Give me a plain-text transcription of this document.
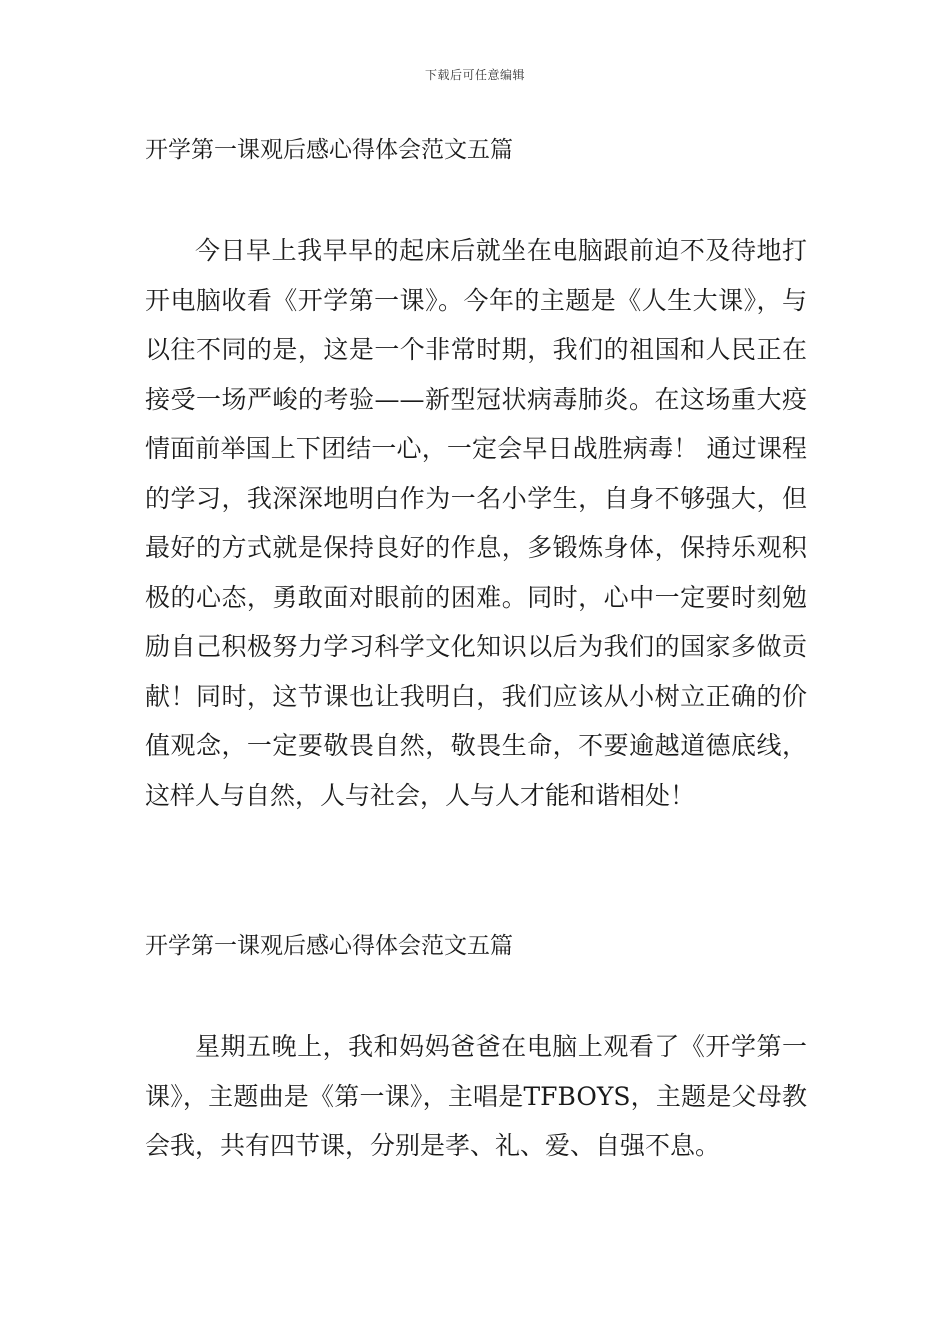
下载后可任意编辑
开学第一课观后感心得体会范文五篇
今日早上我早早的起床后就坐在电脑跟前迫不及待地打开电脑收看《开学第一课》。今年的主题是《人生大课》，与以往不同的是，这是一个非常时期，我们的祖国和人民正在接受一场严峻的考验——新型冠状病毒肺炎。在这场重大疫情面前举国上下团结一心，一定会早日战胜病毒！ 通过课程的学习，我深深地明白作为一名小学生，自身不够强大，但最好的方式就是保持良好的作息，多锻炼身体，保持乐观积极的心态，勇敢面对眼前的困难。同时，心中一定要时刻勉励自己积极努力学习科学文化知识以后为我们的国家多做贡献！同时，这节课也让我明白，我们应该从小树立正确的价值观念，一定要敬畏自然，敬畏生命，不要逾越道德底线，这样人与自然，人与社会，人与人才能和谐相处！
开学第一课观后感心得体会范文五篇
星期五晚上，我和妈妈爸爸在电脑上观看了《开学第一课》，主题曲是《第一课》，主唱是TFBOYS，主题是父母教会我，共有四节课，分别是孝、礼、爱、自强不息。
